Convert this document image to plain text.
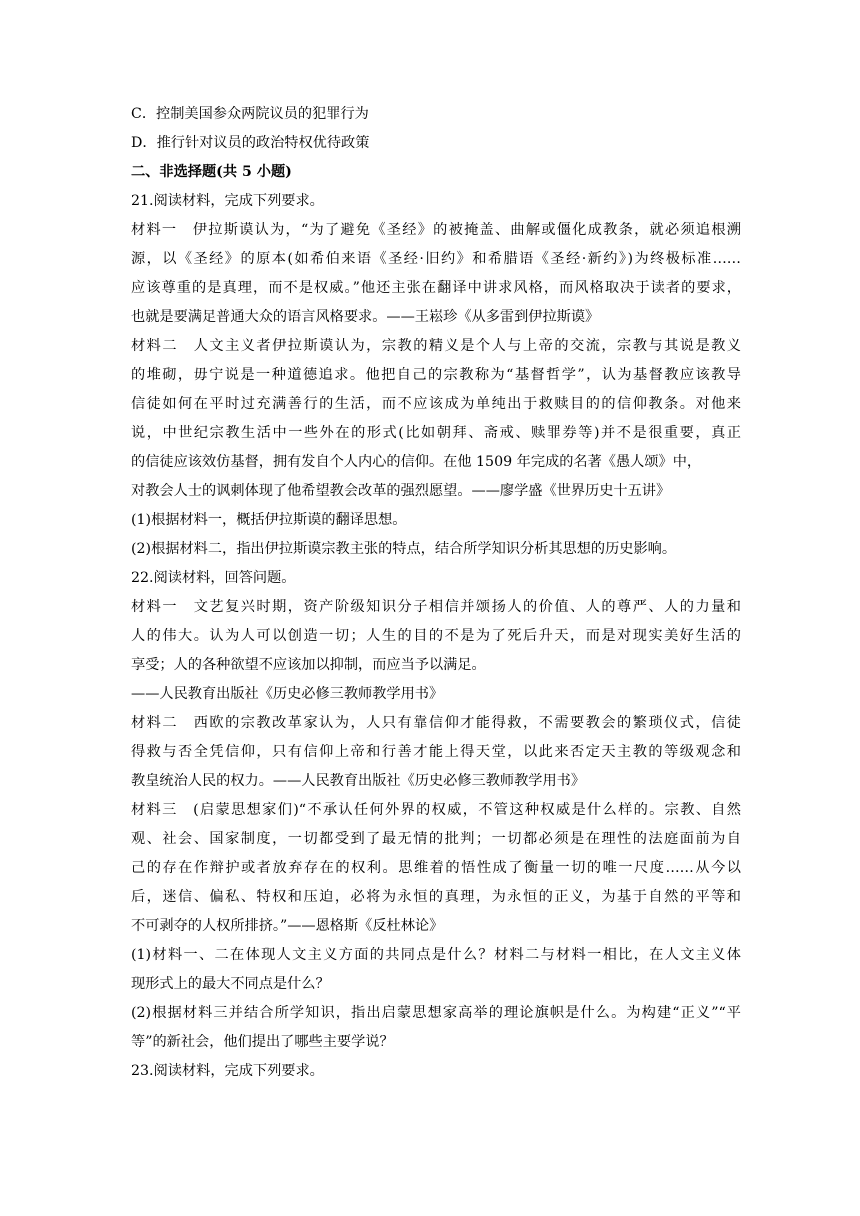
C．控制美国参众两院议员的犯罪行为

D．推行针对议员的政治特权优待政策

二、非选择题(共 5 小题)

21.阅读材料，完成下列要求。

材料一　伊拉斯谟认为，“为了避免《圣经》的被掩盖、曲解或僵化成教条，就必须追根溯

源，以《圣经》的原本(如希伯来语《圣经·旧约》和希腊语《圣经·新约》)为终极标准……

应该尊重的是真理，而不是权威。”他还主张在翻译中讲求风格，而风格取决于读者的要求，

也就是要满足普通大众的语言风格要求。——王崧珍《从多雷到伊拉斯谟》

材料二　人文主义者伊拉斯谟认为，宗教的精义是个人与上帝的交流，宗教与其说是教义

的堆砌，毋宁说是一种道德追求。他把自己的宗教称为“基督哲学”，认为基督教应该教导

信徒如何在平时过充满善行的生活，而不应该成为单纯出于救赎目的的信仰教条。对他来

说，中世纪宗教生活中一些外在的形式(比如朝拜、斋戒、赎罪券等)并不是很重要，真正

的信徒应该效仿基督，拥有发自个人内心的信仰。在他 1509 年完成的名著《愚人颂》中，

对教会人士的讽刺体现了他希望教会改革的强烈愿望。——廖学盛《世界历史十五讲》

(1)根据材料一，概括伊拉斯谟的翻译思想。

(2)根据材料二，指出伊拉斯谟宗教主张的特点，结合所学知识分析其思想的历史影响。

22.阅读材料，回答问题。

材料一　文艺复兴时期，资产阶级知识分子相信并颂扬人的价值、人的尊严、人的力量和

人的伟大。认为人可以创造一切；人生的目的不是为了死后升天，而是对现实美好生活的

享受；人的各种欲望不应该加以抑制，而应当予以满足。

——人民教育出版社《历史必修三教师教学用书》

材料二　西欧的宗教改革家认为，人只有靠信仰才能得救，不需要教会的繁琐仪式，信徒

得救与否全凭信仰，只有信仰上帝和行善才能上得天堂，以此来否定天主教的等级观念和

教皇统治人民的权力。——人民教育出版社《历史必修三教师教学用书》

材料三　(启蒙思想家们)“不承认任何外界的权威，不管这种权威是什么样的。宗教、自然

观、社会、国家制度，一切都受到了最无情的批判；一切都必须是在理性的法庭面前为自

己的存在作辩护或者放弃存在的权利。思维着的悟性成了衡量一切的唯一尺度……从今以

后，迷信、偏私、特权和压迫，必将为永恒的真理，为永恒的正义，为基于自然的平等和

不可剥夺的人权所排挤。”——恩格斯《反杜林论》

(1)材料一、二在体现人文主义方面的共同点是什么？材料二与材料一相比，在人文主义体

现形式上的最大不同点是什么？

(2)根据材料三并结合所学知识，指出启蒙思想家高举的理论旗帜是什么。为构建“正义”“平

等”的新社会，他们提出了哪些主要学说？

23.阅读材料，完成下列要求。
